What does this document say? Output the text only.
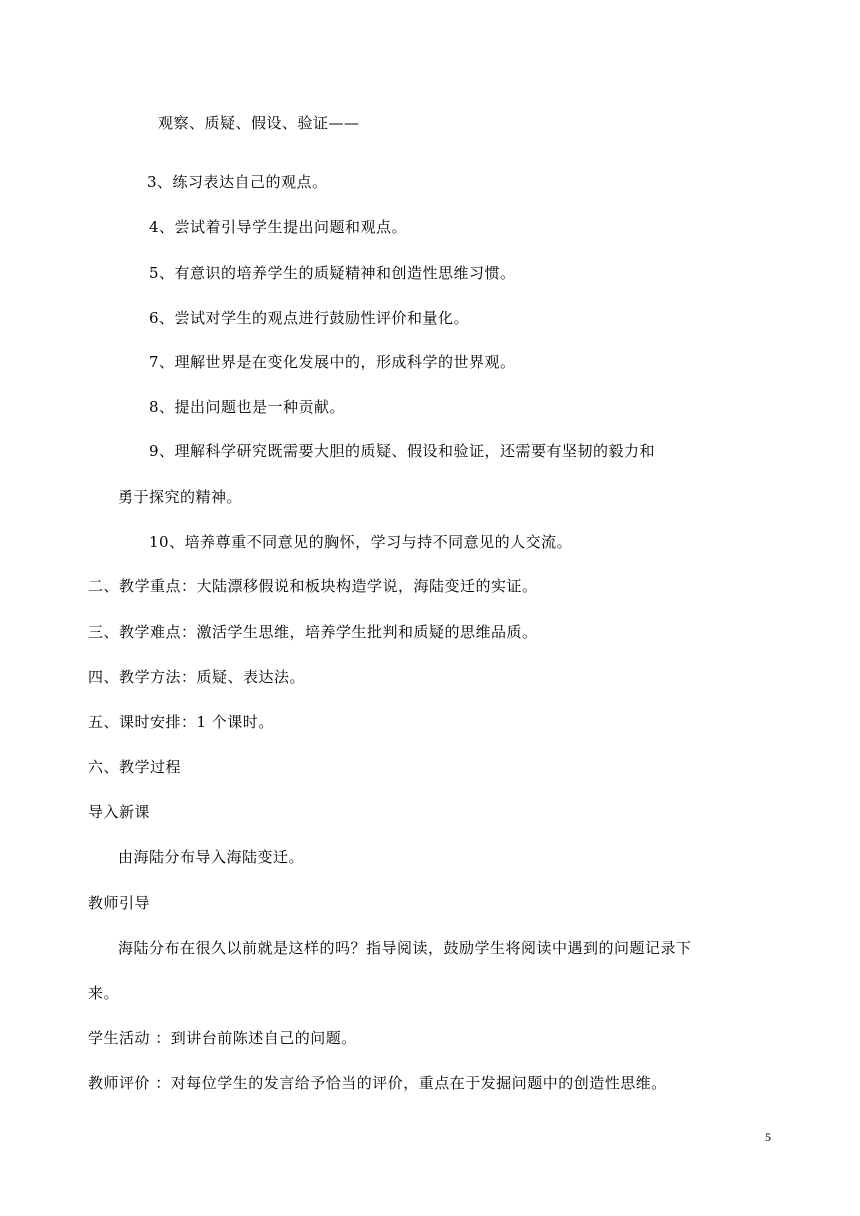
观察、质疑、假设、验证——
3、练习表达自己的观点。
4、尝试着引导学生提出问题和观点。
5、有意识的培养学生的质疑精神和创造性思维习惯。
6、尝试对学生的观点进行鼓励性评价和量化。
7、理解世界是在变化发展中的，形成科学的世界观。
8、提出问题也是一种贡献。
9、理解科学研究既需要大胆的质疑、假设和验证，还需要有坚韧的毅力和
勇于探究的精神。
10、培养尊重不同意见的胸怀，学习与持不同意见的人交流。
二、教学重点：大陆漂移假说和板块构造学说，海陆变迁的实证。
三、教学难点：激活学生思维，培养学生批判和质疑的思维品质。
四、教学方法：质疑、表达法。
五、课时安排：1 个课时。
六、教学过程
导入新课
由海陆分布导入海陆变迁。
教师引导
海陆分布在很久以前就是这样的吗？指导阅读，鼓励学生将阅读中遇到的问题记录下
来。
学生活动 ：到讲台前陈述自己的问题。
教师评价 ：对每位学生的发言给予恰当的评价，重点在于发掘问题中的创造性思维。
5
